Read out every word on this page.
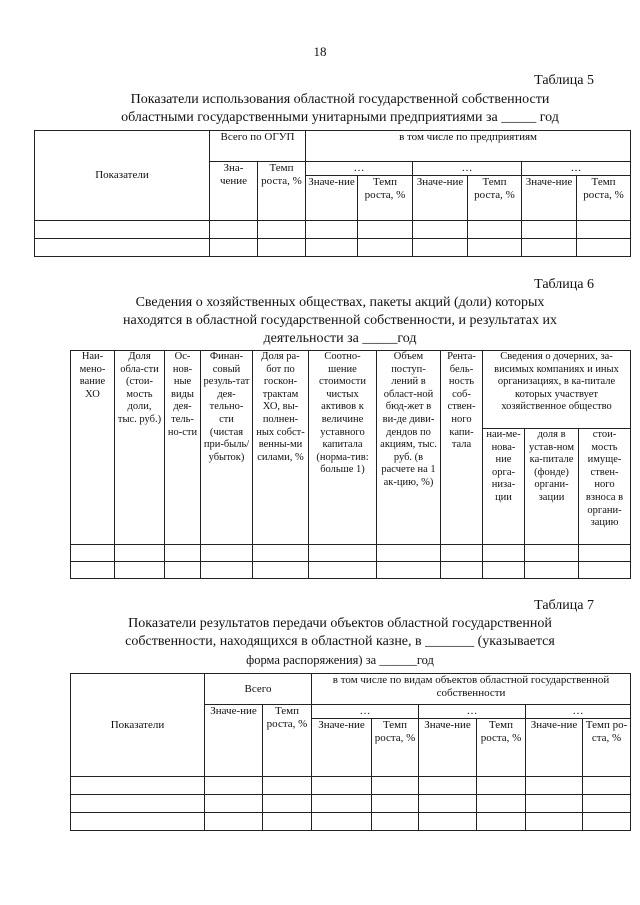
18
Таблица 5
Показатели использования областной государственной собственности
областными государственными унитарными предприятиями за _____ год
Показатели	Всего по ОГУП		в том числе по предприятиям					
	Зна-чение	Темп роста, %	…		…		…	
			Значе-ние	Темп роста, %	Значе-ние	Темп роста, %	Значе-ние	Темп роста, %

Таблица 6
Сведения о хозяйственных обществах, пакеты акций (доли) которых
находятся в областной государственной собственности, и результатах их
деятельности за _____год
Наи-мено-вание ХО	Доля обла-сти (стои-мость доли, тыс. руб.)	Ос-нов-ные виды дея-тель-но-сти	Финан-совый резуль-тат дея-тельно-сти (чистая при-быль/ убыток)	Доля ра-бот по госкон-трактам ХО, вы-полнен-ных собст-венны-ми силами, %	Соотно-шение стоимости чистых активов к величине уставного капитала (норма-тив: больше 1)	Объем поступ-лений в област-ной бюд-жет в ви-де диви-дендов по акциям, тыс. руб. (в расчете на 1 ак-цию, %)	Рента-бель-ность соб-ствен-ного капи-тала	Сведения о дочерних, за-висимых компаниях и иных организациях, в ка-питале которых участвует хозяйственное общество		
								наи-ме-нова-ние орга-низа-ции	доля в устав-ном ка-питале (фонде) органи-зации	стои-мость имуще-ствен-ного взноса в органи-зацию

Таблица 7
Показатели результатов передачи объектов областной государственной
собственности, находящихся в областной казне, в _______ (указывается
форма распоряжения) за ______год
Показатели	Всего		в том числе по видам объектов областной государственной собственности					
	Значе-ние	Темп роста, %	…		…		…	
			Значе-ние	Темп роста, %	Значе-ние	Темп роста, %	Значе-ние	Темп ро-ста, %
